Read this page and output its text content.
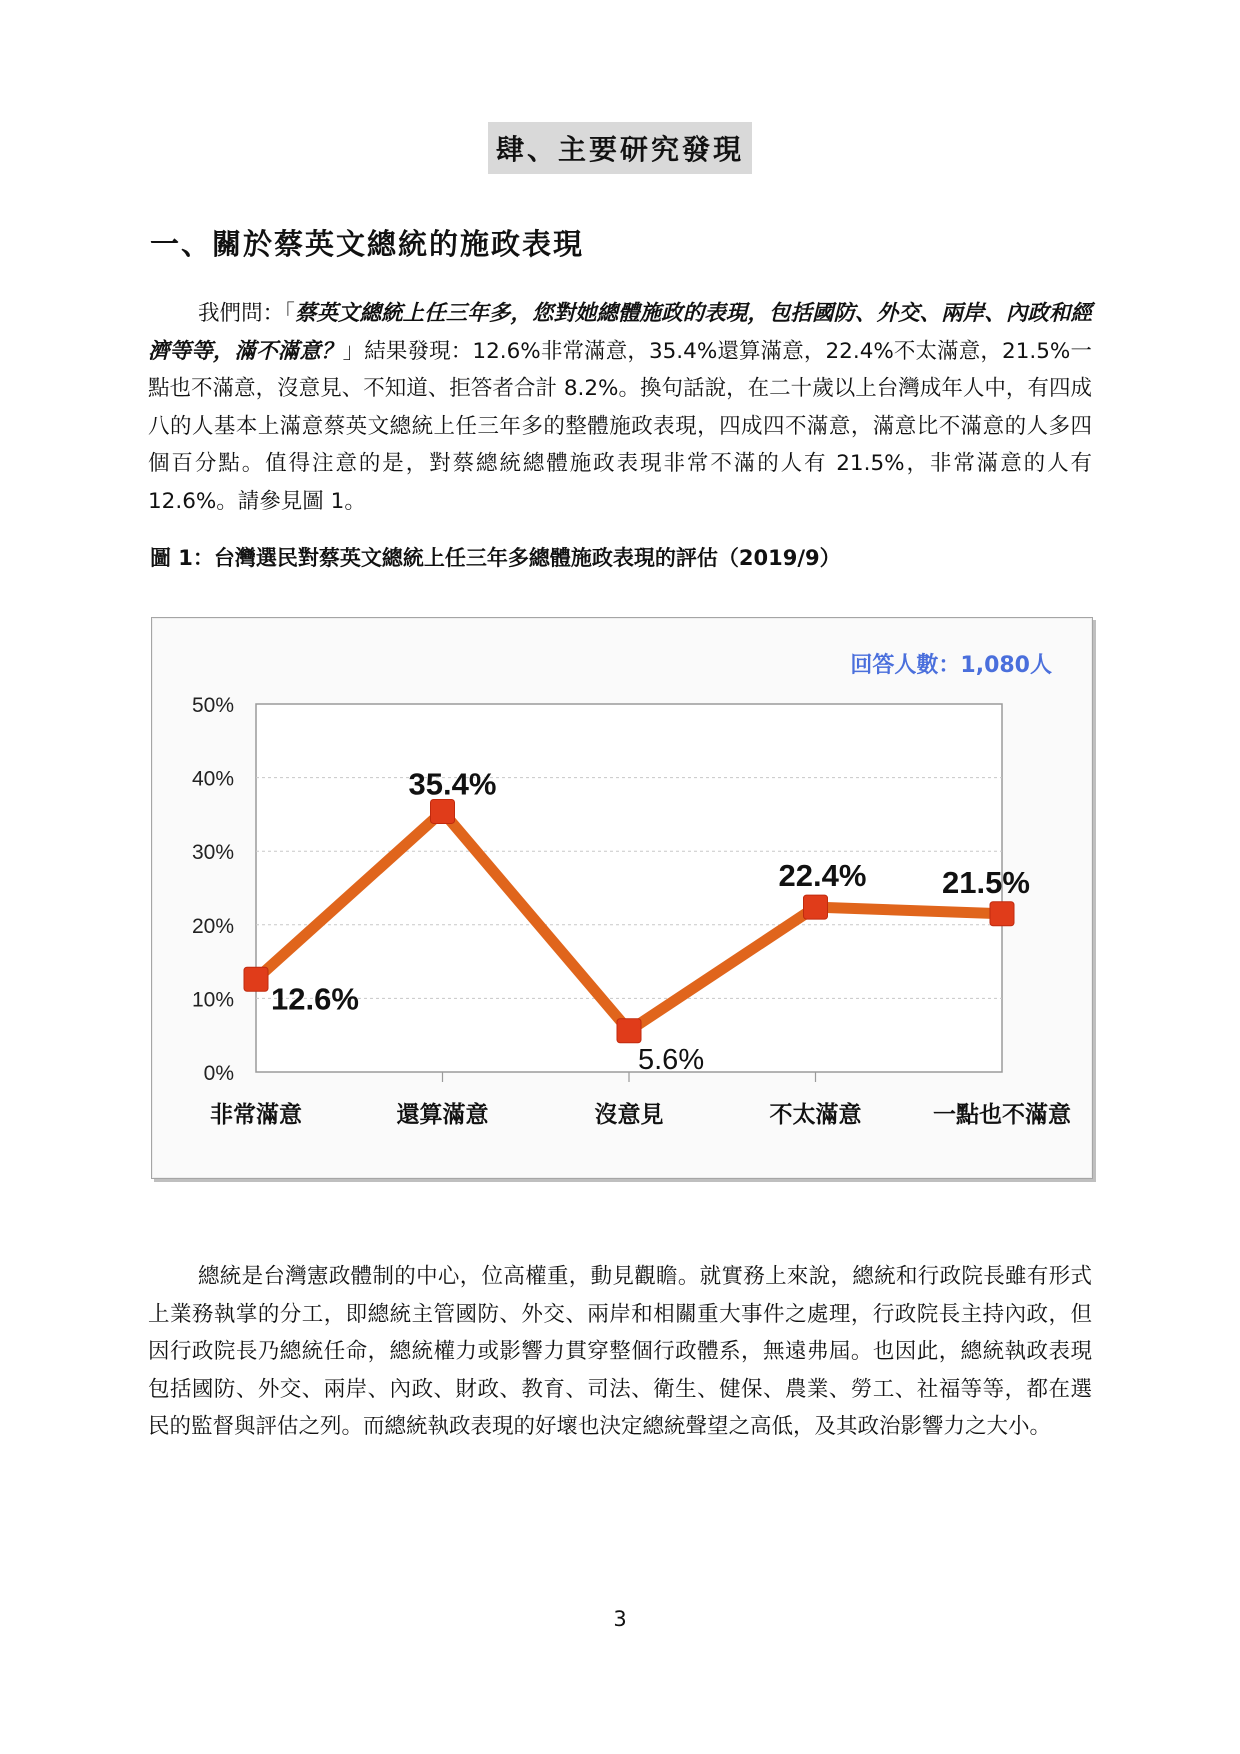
肆、主要研究發現
一、關於蔡英文總統的施政表現

我們問：「蔡英文總統上任三年多，您對她總體施政的表現，包括國防、外交、兩岸、內政和經濟等等，滿不滿意？」結果發現：12.6%非常滿意，35.4%還算滿意，22.4%不太滿意，21.5%一點也不滿意，沒意見、不知道、拒答者合計 8.2%。換句話說，在二十歲以上台灣成年人中，有四成八的人基本上滿意蔡英文總統上任三年多的整體施政表現，四成四不滿意，滿意比不滿意的人多四個百分點。值得注意的是，對蔡總統總體施政表現非常不滿的人有 21.5%，非常滿意的人有 12.6%。請參見圖 1。

圖 1：台灣選民對蔡英文總統上任三年多總體施政表現的評估（2019/9）
0%
10%
20%
30%
40%
50%
非常滿意	還算滿意	沒意見	不太滿意	一點也不滿意
12.6%
35.4%
5.6%
22.4% 21.5%
回答人數：1,080人

總統是台灣憲政體制的中心，位高權重，動見觀瞻。就實務上來說，總統和行政院長雖有形式上業務執掌的分工，即總統主管國防、外交、兩岸和相關重大事件之處理，行政院長主持內政，但因行政院長乃總統任命，總統權力或影響力貫穿整個行政體系，無遠弗屆。也因此，總統執政表現包括國防、外交、兩岸、內政、財政、教育、司法、衛生、健保、農業、勞工、社福等等，都在選民的監督與評估之列。而總統執政表現的好壞也決定總統聲望之高低，及其政治影響力之大小。

3
